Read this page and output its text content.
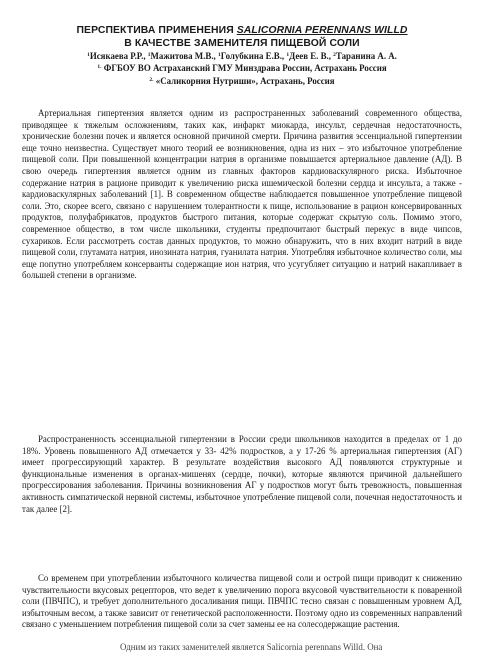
ПЕРСПЕКТИВА ПРИМЕНЕНИЯ SALICORNIA PERENNANS WILLD

В КАЧЕСТВЕ ЗАМЕНИТЕЛЯ ПИЩЕВОЙ СОЛИ

$^1$Исякаева Р.Р., $^1$Мажитова М.В., $^1$Голубкина Е.В., $^1$Деев Е. В., $^2$Таранина А. А.

$^{1.}$ ФГБОУ ВО Астраханский ГМУ Минздрава России, Астрахань Россия

$^{2.}$ «Саликорния Нутриши», Астрахань, Россия

Артериальная гипертензия является одним из распространенных заболеваний современного общества, приводящее к тяжелым осложнениям, таких как, инфаркт миокарда, инсульт, сердечная недостаточность, хронические болезни почек и является основной причиной смерти. Причина развития эссенциальной гипертензии еще точно неизвестна. Существует много теорий ее возникновения, одна из них – это избыточное употребление пищевой соли. При повышенной концентрации натрия в организме повышается артериальное давление (АД). В свою очередь гипертензия является одним из главных факторов кардиоваскулярного риска. Избыточное содержание натрия в рационе приводит к увеличению риска ишемической болезни сердца и инсульта, а также - кардиоваскулярных заболеваний [1]. В современном обществе наблюдается повышенное употребление пищевой соли. Это, скорее всего, связано с нарушением толерантности к пище, использование в рацион консервированных продуктов, полуфабрикатов, продуктов быстрого питания, которые содержат скрытую соль. Помимо этого, современное общество, в том числе школьники, студенты предпочитают быстрый перекус в виде чипсов, сухариков. Если рассмотреть состав данных продуктов, то можно обнаружить, что в них входит натрий в виде пищевой соли, глутамата натрия, инозината натрия, гуанилата натрия. Употребляя избыточное количество соли, мы еще попутно употребляем консерванты содержащие ион натрия, что усугубляет ситуацию и натрий накапливает в большей степени в организме.

Распространенность эссенциальной гипертензии в России среди школьников находится в пределах от 1 до 18%. Уровень повышенного АД отмечается у 33- 42% подростков, а у 17-26 % артериальная гипертензия (АГ) имеет прогрессирующий характер. В результате воздействия высокого АД появляются структурные и функциональные изменения в органах-мишенях (сердце, почки), которые являются причиной дальнейшего прогрессирования заболевания. Причины возникновения АГ у подростков могут быть тревожность, повышенная активность симпатической нервной системы, избыточное употребление пищевой соли, почечная недостаточность и так далее [2].

Со временем при употреблении избыточного количества пищевой соли и острой пищи приводит к снижению чувствительности вкусовых рецепторов, что ведет к увеличению порога вкусовой чувствительности к поваренной соли (ПВЧПС), и требует дополнительного досаливания пищи. ПВЧПС тесно связан с повышенным уровнем АД, избыточным весом, а также зависит от генетической расположенности. Поэтому одно из современных направлений связано с уменьшением потребления пищевой соли за счет замены ее на солесодержащие растения.

Одним из таких заменителей является Salicornia perennans Willd. Она
